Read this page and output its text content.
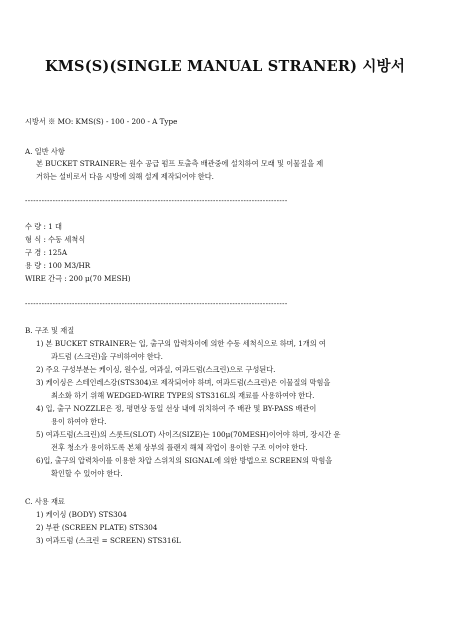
KMS(S)(SINGLE MANUAL STRANER) 시방서
시방서 ※ MO: KMS(S) - 100 - 200 - A Type
A. 일반 사항
본 BUCKET STRAINER는 원수 공급 펌프 토출측 배관중에 설치하여 모래 및 이물질을 제
거하는 설비로서 다음 시방에 의해 설계 제작되어야 한다.
-----------------------------------------------------------------------------------------------
수 량 : 1 대
형 식 : 수동 세척식
구 경 : 125A
용 량 : 100 M3/HR
WIRE 간극 : 200 μ(70 MESH)
-----------------------------------------------------------------------------------------------
B. 구조 및 재질
1) 본 BUCKET STRAINER는 입, 출구의 압력차이에 의한 수동 세척식으로 하며, 1개의 여
과드럼 (스크린)을 구비하여야 한다.
2) 주요 구성부분는 케이싱, 원수실, 여과실, 여과드럼(스크린)으로 구성된다.
3) 케이싱은 스테인레스강(STS304)로 제작되어야 하며, 여과드럼(스크린)은 이물질의 막힘을
최소화 하기 위해 WEDGED-WIRE TYPE의 STS316L의 재료를 사용하여야 한다.
4) 입, 출구 NOZZLE은 정, 평면상 동일 선상 내에 위치하여 주 배관 및 BY-PASS 배관이
용이 하여야 한다.
5) 여과드럼(스크린)의 스롯트(SLOT) 사이즈(SIZE)는 100μ(70MESH)이어야 하며, 장시간 운
전후 청소가 용이하도록 본체 상부의 플랜지 해체 작업이 용이한 구조 이어야 한다.
6)입, 출구의 압력차이를 이용한 차압 스위치의 SIGNAL에 의한 방법으로 SCREEN의 막힘을
확인할 수 있어야 한다.
C. 사용 재료
1) 케이싱 (BODY) STS304
2) 부판 (SCREEN PLATE) STS304
3) 여과드럼 (스크린 = SCREEN) STS316L
